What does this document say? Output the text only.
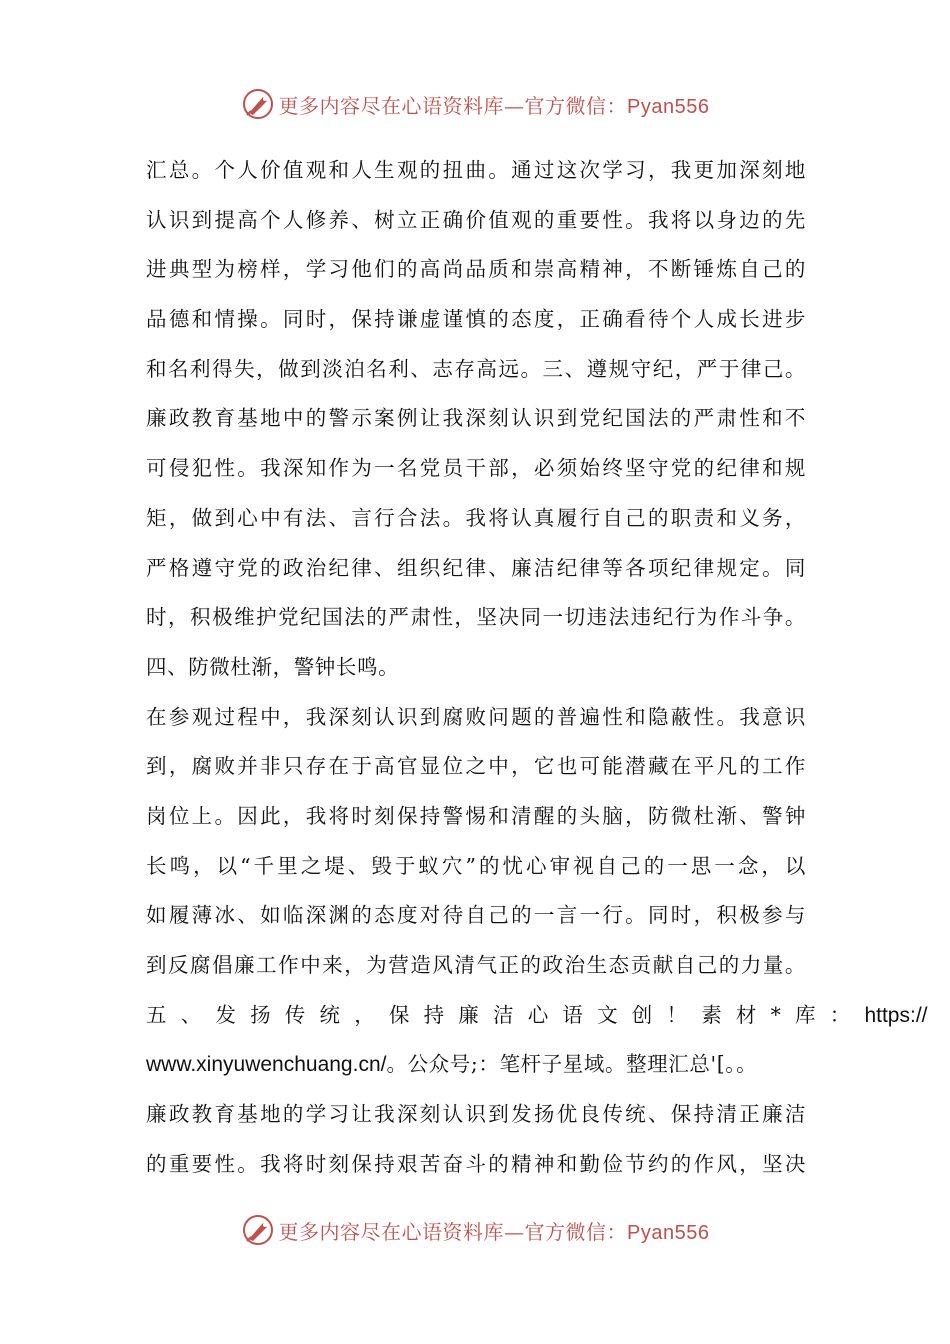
更多内容尽在心语资料库—官方微信：Pyan556
汇总。个人价值观和人生观的扭曲。通过这次学习，我更加深刻地
认识到提高个人修养、树立正确价值观的重要性。我将以身边的先
进典型为榜样，学习他们的高尚品质和崇高精神，不断锤炼自己的
品德和情操。同时，保持谦虚谨慎的态度，正确看待个人成长进步
和名利得失，做到淡泊名利、志存高远。三、遵规守纪，严于律己。
廉政教育基地中的警示案例让我深刻认识到党纪国法的严肃性和不
可侵犯性。我深知作为一名党员干部，必须始终坚守党的纪律和规
矩，做到心中有法、言行合法。我将认真履行自己的职责和义务，
严格遵守党的政治纪律、组织纪律、廉洁纪律等各项纪律规定。同
时，积极维护党纪国法的严肃性，坚决同一切违法违纪行为作斗争。
四、防微杜渐，警钟长鸣。
在参观过程中，我深刻认识到腐败问题的普遍性和隐蔽性。我意识
到，腐败并非只存在于高官显位之中，它也可能潜藏在平凡的工作
岗位上。因此，我将时刻保持警惕和清醒的头脑，防微杜渐、警钟
长鸣，以“千里之堤、毁于蚁穴”的忧心审视自己的一思一念，以
如履薄冰、如临深渊的态度对待自己的一言一行。同时，积极参与
到反腐倡廉工作中来，为营造风清气正的政治生态贡献自己的力量。
五、发扬传统，保持廉洁心语文创！素材*库： https://
www.xinyuwenchuang.cn/。公众号;：笔杆子星域。整理汇总'[。。
廉政教育基地的学习让我深刻认识到发扬优良传统、保持清正廉洁
的重要性。我将时刻保持艰苦奋斗的精神和勤俭节约的作风，坚决
更多内容尽在心语资料库—官方微信：Pyan556
